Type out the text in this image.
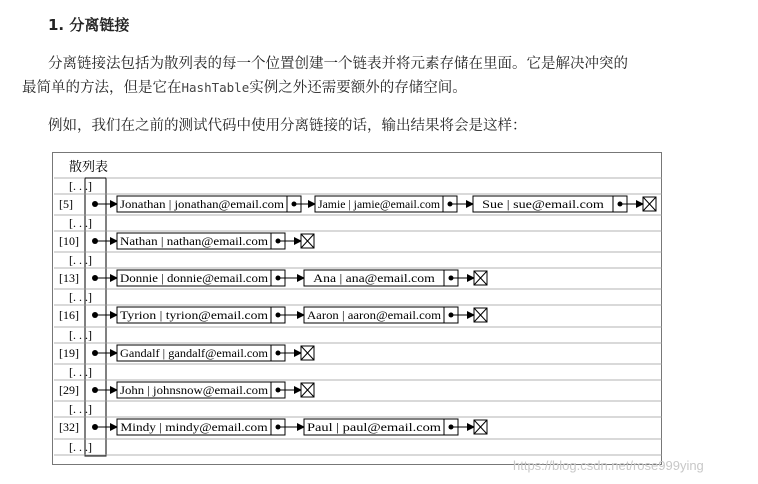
1. 分离链接
分离链接法包括为散列表的每一个位置创建一个链表并将元素存储在里面。它是解决冲突的
最简单的方法，但是它在HashTable实例之外还需要额外的存储空间。
例如，我们在之前的测试代码中使用分离链接的话，输出结果将会是这样：
散列表
[. . .]
[. . .]
[. . .]
[. . .]
[. . .]
[. . .]
[. . .]
[. . .]
[5]	Jonathan | jonathan@email.com	Jamie | jamie@email.com	Sue | sue@email.com
[10]	Nathan | nathan@email.com
[13]	Donnie | donnie@email.com	Ana | ana@email.com
[16]	Tyrion | tyrion@email.com	Aaron | aaron@email.com
[19]	Gandalf | gandalf@email.com
[29]	John | johnsnow@email.com
[32]	Mindy | mindy@email.com	Paul | paul@email.com
https://blog.csdn.net/rose999ying
